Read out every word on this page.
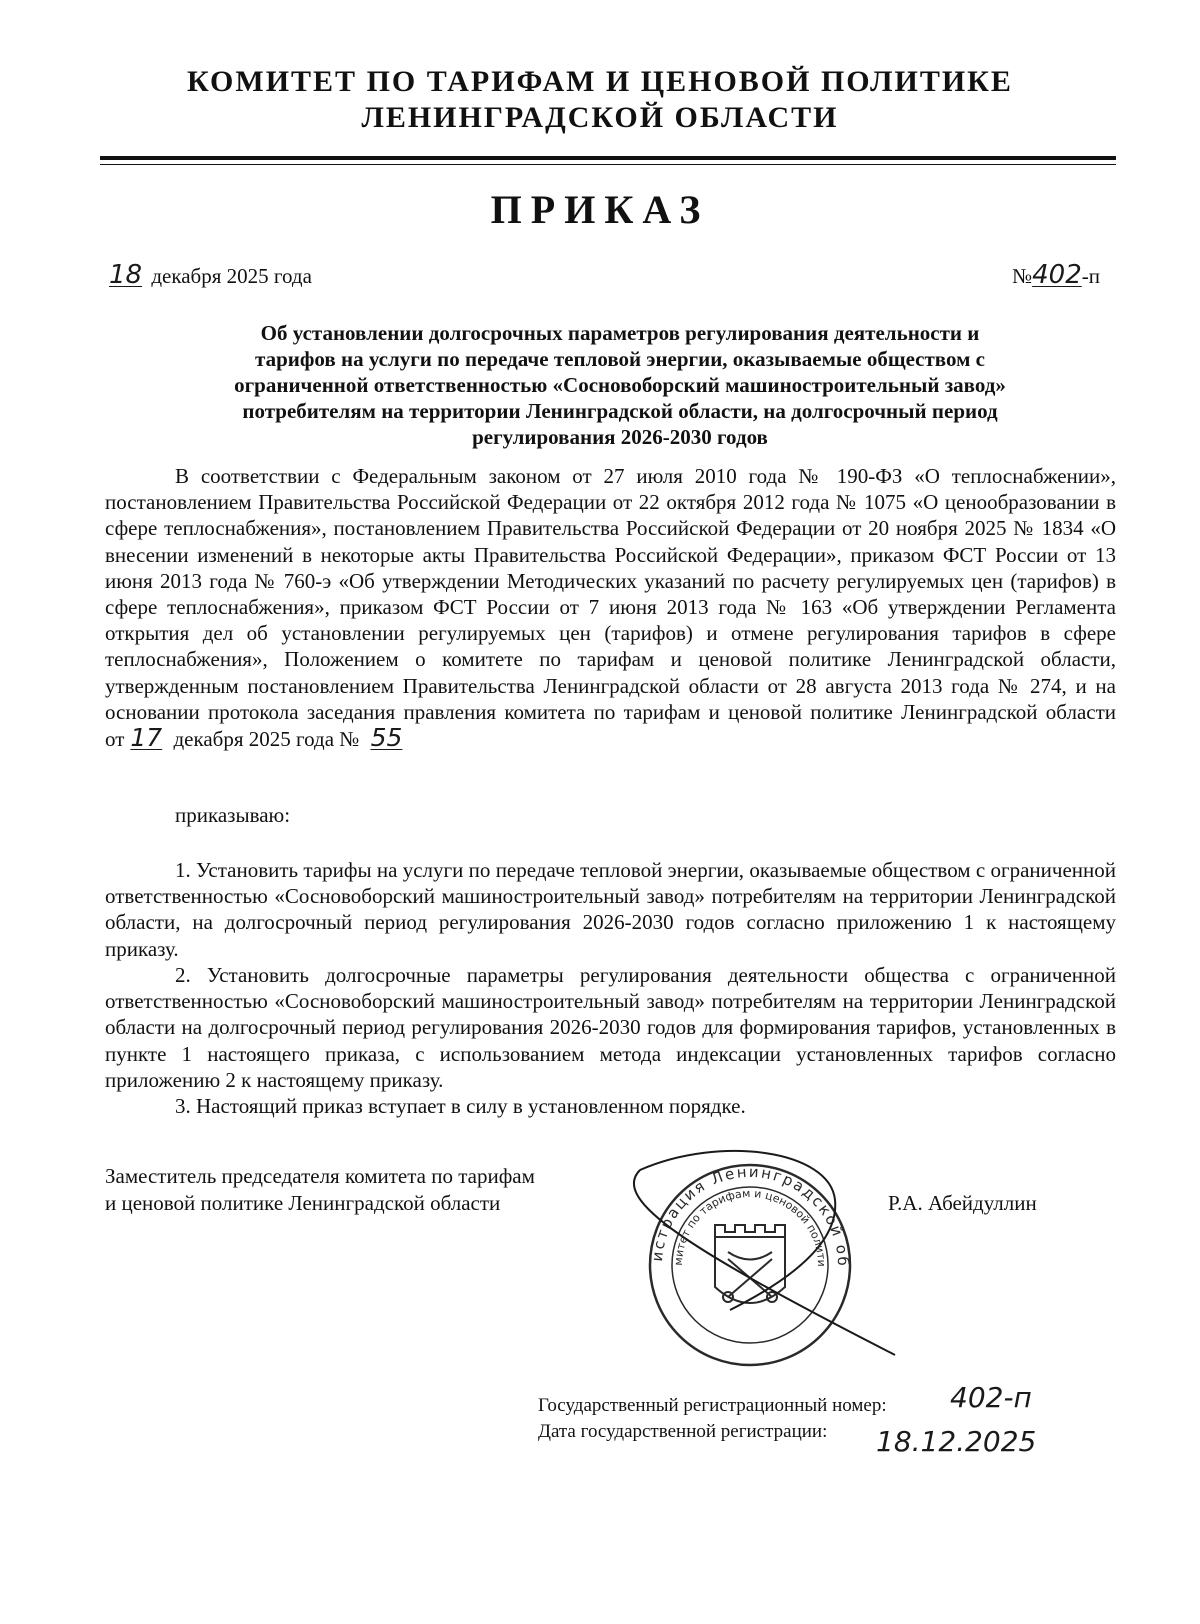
КОМИТЕТ ПО ТАРИФАМ И ЦЕНОВОЙ ПОЛИТИКЕ
ЛЕНИНГРАДСКОЙ ОБЛАСТИ
ПРИКАЗ
18 декабря 2025 года	№402-п
Об установлении долгосрочных параметров регулирования деятельности и
тарифов на услуги по передаче тепловой энергии, оказываемые обществом с
ограниченной ответственностью «Сосновоборский машиностроительный завод»
потребителям на территории Ленинградской области, на долгосрочный период
регулирования 2026-2030 годов

В соответствии с Федеральным законом от 27 июля 2010 года № 190-ФЗ «О теплоснабжении», постановлением Правительства Российской Федерации от 22 октября 2012 года № 1075 «О ценообразовании в сфере теплоснабжения», постановлением Правительства Российской Федерации от 20 ноября 2025 № 1834 «О внесении изменений в некоторые акты Правительства Российской Федерации», приказом ФСТ России от 13 июня 2013 года № 760-э «Об утверждении Методических указаний по расчету регулируемых цен (тарифов) в сфере теплоснабжения», приказом ФСТ России от 7 июня 2013 года № 163 «Об утверждении Регламента открытия дел об установлении регулируемых цен (тарифов) и отмене регулирования тарифов в сфере теплоснабжения», Положением о комитете по тарифам и ценовой политике Ленинградской области, утвержденным постановлением Правительства Ленинградской области от 28 августа 2013 года № 274, и на основании протокола заседания правления комитета по тарифам и ценовой политике Ленинградской области от 17 декабря 2025 года № 55

приказываю:

1. Установить тарифы на услуги по передаче тепловой энергии, оказываемые обществом с ограниченной ответственностью «Сосновоборский машиностроительный завод» потребителям на территории Ленинградской области, на долгосрочный период регулирования 2026-2030 годов согласно приложению 1 к настоящему приказу.

2. Установить долгосрочные параметры регулирования деятельности общества с ограниченной ответственностью «Сосновоборский машиностроительный завод» потребителям на территории Ленинградской области на долгосрочный период регулирования 2026-2030 годов для формирования тарифов, установленных в пункте 1 настоящего приказа, с использованием метода индексации установленных тарифов согласно приложению 2 к настоящему приказу.

3. Настоящий приказ вступает в силу в установленном порядке.

Заместитель председателя комитета по тарифам
и ценовой политике Ленинградской области	Р.А. Абейдуллин
истрация Ленинградской об
митет по тарифам и ценовой полити
Государственный регистрационный номер: 402-п
Дата государственной регистрации: 18.12.2025
